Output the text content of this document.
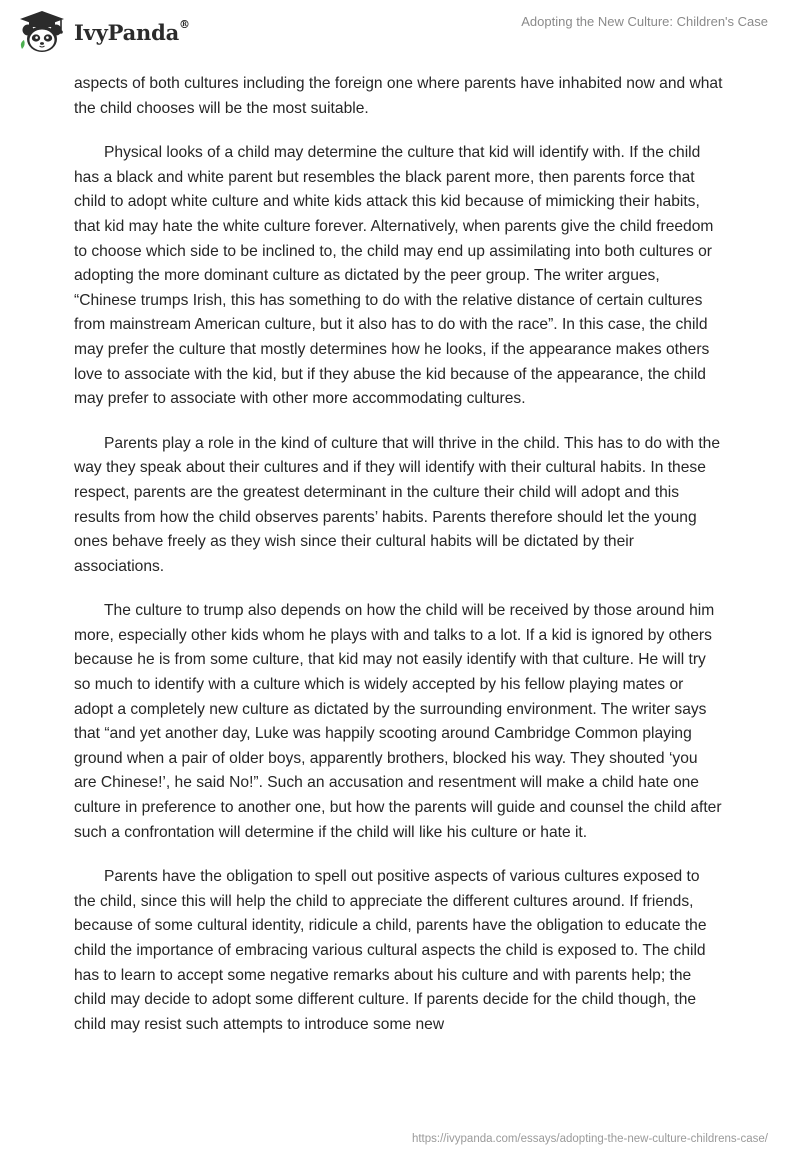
IvyPanda®	Adopting the New Culture: Children's Case

aspects of both cultures including the foreign one where parents have inhabited now and what the child chooses will be the most suitable.

Physical looks of a child may determine the culture that kid will identify with. If the child has a black and white parent but resembles the black parent more, then parents force that child to adopt white culture and white kids attack this kid because of mimicking their habits, that kid may hate the white culture forever. Alternatively, when parents give the child freedom to choose which side to be inclined to, the child may end up assimilating into both cultures or adopting the more dominant culture as dictated by the peer group. The writer argues, “Chinese trumps Irish, this has something to do with the relative distance of certain cultures from mainstream American culture, but it also has to do with the race”. In this case, the child may prefer the culture that mostly determines how he looks, if the appearance makes others love to associate with the kid, but if they abuse the kid because of the appearance, the child may prefer to associate with other more accommodating cultures.

Parents play a role in the kind of culture that will thrive in the child. This has to do with the way they speak about their cultures and if they will identify with their cultural habits. In these respect, parents are the greatest determinant in the culture their child will adopt and this results from how the child observes parents’ habits. Parents therefore should let the young ones behave freely as they wish since their cultural habits will be dictated by their associations.

The culture to trump also depends on how the child will be received by those around him more, especially other kids whom he plays with and talks to a lot. If a kid is ignored by others because he is from some culture, that kid may not easily identify with that culture. He will try so much to identify with a culture which is widely accepted by his fellow playing mates or adopt a completely new culture as dictated by the surrounding environment. The writer says that “and yet another day, Luke was happily scooting around Cambridge Common playing ground when a pair of older boys, apparently brothers, blocked his way. They shouted ‘you are Chinese!’, he said No!”. Such an accusation and resentment will make a child hate one culture in preference to another one, but how the parents will guide and counsel the child after such a confrontation will determine if the child will like his culture or hate it.

Parents have the obligation to spell out positive aspects of various cultures exposed to the child, since this will help the child to appreciate the different cultures around. If friends, because of some cultural identity, ridicule a child, parents have the obligation to educate the child the importance of embracing various cultural aspects the child is exposed to. The child has to learn to accept some negative remarks about his culture and with parents help; the child may decide to adopt some different culture. If parents decide for the child though, the child may resist such attempts to introduce some new

https://ivypanda.com/essays/adopting-the-new-culture-childrens-case/
